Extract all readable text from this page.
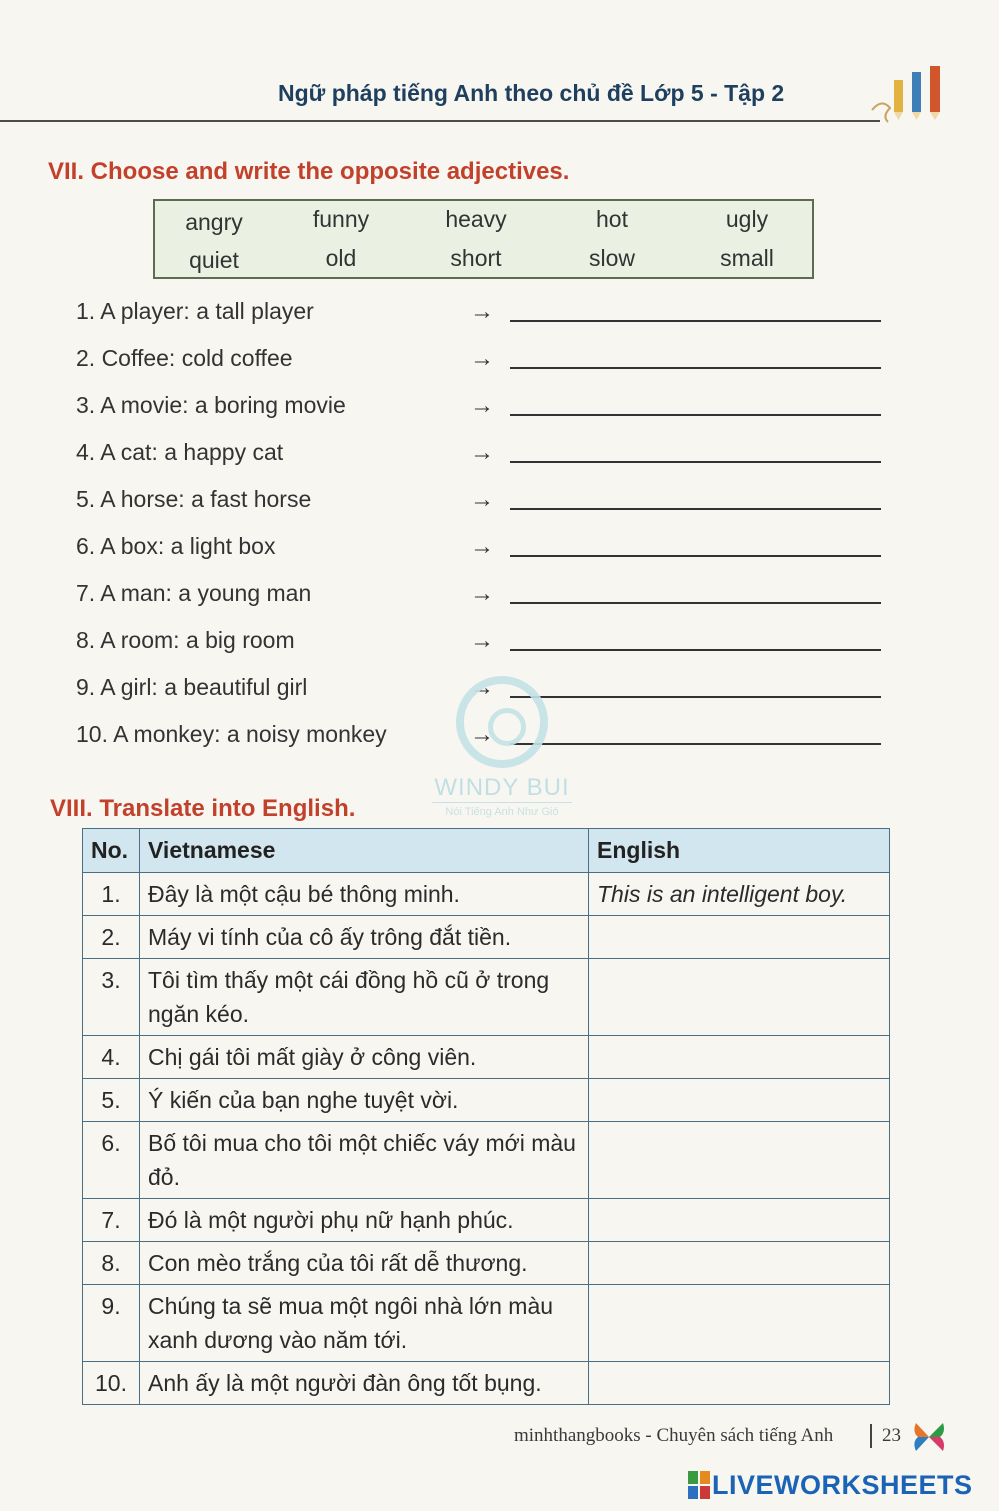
Ngữ pháp tiếng Anh theo chủ đề Lớp 5 - Tập 2
VII. Choose and write the opposite adjectives.
angry	funny	heavy	hot	ugly
quiet	old	short	slow	small
1. A player: a tall player	→
2. Coffee: cold coffee	→
3. A movie: a boring movie	→
4. A cat: a happy cat	→
5. A horse: a fast horse	→
6. A box: a light box	→
7. A man: a young man	→
8. A room: a big room	→
9. A girl: a beautiful girl	→
10. A monkey: a noisy monkey	→
WINDY BUI
Nói Tiếng Anh Như Gió
VIII. Translate into English.
No.	Vietnamese	English
1.	Đây là một cậu bé thông minh.	This is an intelligent boy.
2.	Máy vi tính của cô ấy trông đắt tiền.	
3.	Tôi tìm thấy một cái đồng hồ cũ ở trong ngăn kéo.	
4.	Chị gái tôi mất giày ở công viên.	
5.	Ý kiến của bạn nghe tuyệt vời.	
6.	Bố tôi mua cho tôi một chiếc váy mới màu đỏ.	
7.	Đó là một người phụ nữ hạnh phúc.	
8.	Con mèo trắng của tôi rất dễ thương.	
9.	Chúng ta sẽ mua một ngôi nhà lớn màu xanh dương vào năm tới.	
10.	Anh ấy là một người đàn ông tốt bụng.	
minhthangbooks - Chuyên sách tiếng Anh	23
LIVEWORKSHEETS
